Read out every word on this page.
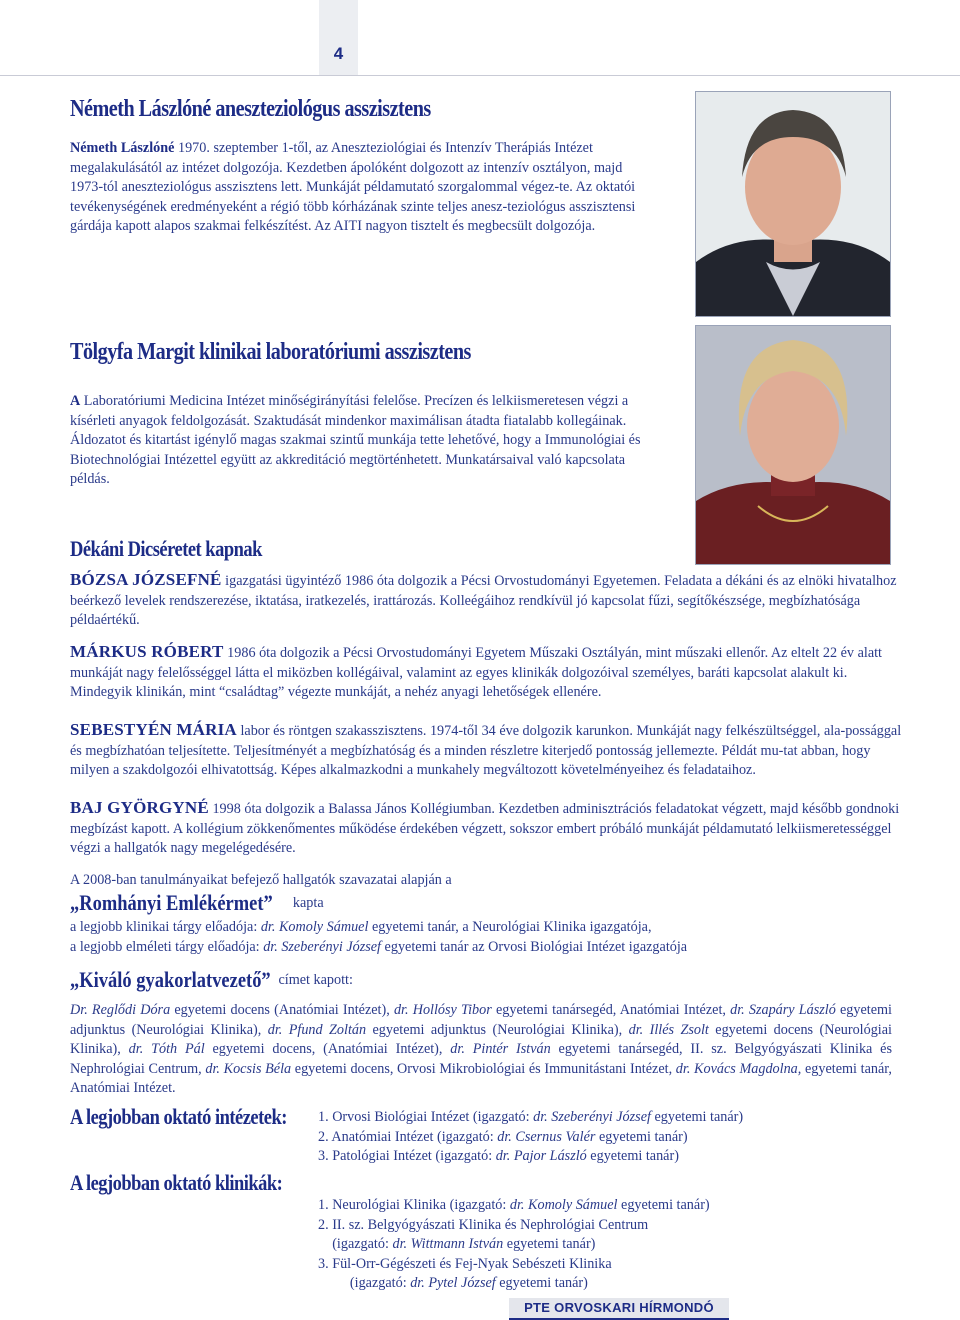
4
Németh Lászlóné aneszteziológus asszisztens
Németh Lászlóné 1970. szeptember 1-től, az Aneszteziológiai és Intenzív Therápiás Intézet megalakulásától az intézet dolgozója. Kezdetben ápolóként dolgozott az intenzív osztályon, majd 1973-tól aneszteziológus asszisztens lett. Munkáját példamutató szorgalommal végez-te. Az oktatói tevékenységének eredményeként a régió több kórházának szinte teljes anesz-teziológus asszisztensi gárdája kapott alapos szakmai felkészítést. Az AITI nagyon tisztelt és megbecsült dolgozója.
Tölgyfa Margit klinikai laboratóriumi asszisztens
A Laboratóriumi Medicina Intézet minőségirányítási felelőse. Precízen és lelkiismeretesen végzi a kísérleti anyagok feldolgozását. Szaktudását mindenkor maximálisan átadta fiatalabb kollegáinak. Áldozatot és kitartást igénylő magas szakmai szintű munkája tette lehetővé, hogy a Immunológiai és Biotechnológiai Intézettel együtt az akkreditáció megtörténhetett. Munkatársaival való kapcsolata példás.
Dékáni Dicséretet kapnak
BÓZSA JÓZSEFNÉ igazgatási ügyintéző 1986 óta dolgozik a Pécsi Orvostudományi Egyetemen. Feladata a dékáni és az elnöki hivatalhoz beérkező levelek rendszerezése, iktatása, iratkezelés, irattározás. Kolleégáihoz rendkívül jó kapcsolat fűzi, segítőkészsége, megbízhatósága példaértékű.
MÁRKUS RÓBERT 1986 óta dolgozik a Pécsi Orvostudományi Egyetem Műszaki Osztályán, mint műszaki ellenőr. Az eltelt 22 év alatt munkáját nagy felelősséggel látta el miközben kollégáival, valamint az egyes klinikák dolgozóival személyes, baráti kapcsolat alakult ki. Mindegyik klinikán, mint “családtag” végezte munkáját, a nehéz anyagi lehetőségek ellenére.
SEBESTYÉN MÁRIA labor és röntgen szakasszisztens. 1974-től 34 éve dolgozik karunkon. Munkáját nagy felkészültséggel, ala-possággal és megbízhatóan teljesítette. Teljesítményét a megbízhatóság és a minden részletre kiterjedő pontosság jellemezte. Példát mu-tat abban, hogy milyen a szakdolgozói elhivatottság. Képes alkalmazkodni a munkahely megváltozott követelményeihez és feladataihoz.
BAJ GYÖRGYNÉ 1998 óta dolgozik a Balassa János Kollégiumban. Kezdetben adminisztrációs feladatokat végzett, majd később gondnoki megbízást kapott. A kollégium zökkenőmentes működése érdekében végzett, sokszor embert próbáló munkáját példamutató lelkiismeretességgel végzi a hallgatók nagy megelégedésére.
A 2008-ban tanulmányaikat befejező hallgatók szavazatai alapján a
„Romhányi Emlékérmet” kapta
a legjobb klinikai tárgy előadója: dr. Komoly Sámuel egyetemi tanár, a Neurológiai Klinika igazgatója,
a legjobb elméleti tárgy előadója: dr. Szeberényi József egyetemi tanár az Orvosi Biológiai Intézet igazgatója
„Kiváló gyakorlatvezető” címet kapott:
Dr. Reglődi Dóra egyetemi docens (Anatómiai Intézet), dr. Hollósy Tibor egyetemi tanársegéd, Anatómiai Intézet, dr. Szapáry László egyetemi adjunktus (Neurológiai Klinika), dr. Pfund Zoltán egyetemi adjunktus (Neurológiai Klinika), dr. Illés Zsolt egyetemi docens (Neurológiai Klinika), dr. Tóth Pál egyetemi docens, (Anatómiai Intézet), dr. Pintér István egyetemi tanársegéd, II. sz. Belgyógyászati Klinika és Nephrológiai Centrum, dr. Kocsis Béla egyetemi docens, Orvosi Mikrobiológiai és Immunitástani Intézet, dr. Kovács Magdolna, egyetemi tanár, Anatómiai Intézet.
A legjobban oktató intézetek: 1. Orvosi Biológiai Intézet (igazgató: dr. Szeberényi József egyetemi tanár)
2. Anatómiai Intézet (igazgató: dr. Csernus Valér egyetemi tanár)
3. Patológiai Intézet (igazgató: dr. Pajor László egyetemi tanár)
A legjobban oktató klinikák:
1. Neurológiai Klinika (igazgató: dr. Komoly Sámuel egyetemi tanár)
2. II. sz. Belgyógyászati Klinika és Nephrológiai Centrum
(igazgató: dr. Wittmann István egyetemi tanár)
3. Fül-Orr-Gégészeti és Fej-Nyak Sebészeti Klinika
(igazgató: dr. Pytel József egyetemi tanár)
PTE ORVOSKARI HÍRMONDÓ
